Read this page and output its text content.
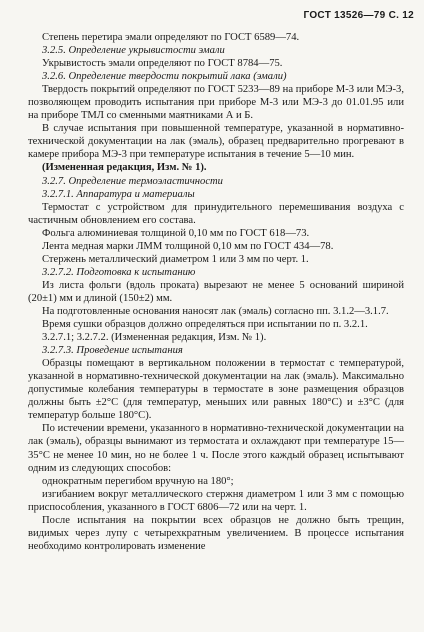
ГОСТ 13526—79 С. 12

Степень перетира эмали определяют по ГОСТ 6589—74.

3.2.5. Определение укрывистости эмали

Укрывистость эмали определяют по ГОСТ 8784—75.

3.2.6. Определение твердости покрытий лака (эмали)

Твердость покрытий определяют по ГОСТ 5233—89 на приборе М-3 или МЭ-3, позволяющем проводить испытания при приборе М-3 или МЭ-3 до 01.01.95 или на приборе ТМЛ со сменными маятниками А и Б.

В случае испытания при повышенной температуре, указанной в нормативно-технической документации на лак (эмаль), образец предварительно прогревают в камере прибора МЭ-3 при температуре испытания в течение 5—10 мин.

(Измененная редакция, Изм. № 1).

3.2.7. Определение термоэластичности

3.2.7.1. Аппаратура и материалы

Термостат с устройством для принудительного перемешивания воздуха с частичным обновлением его состава.

Фольга алюминиевая толщиной 0,10 мм по ГОСТ 618—73.

Лента медная марки ЛММ толщиной 0,10 мм по ГОСТ 434—78.

Стержень металлический диаметром 1 или 3 мм по черт. 1.

3.2.7.2. Подготовка к испытанию

Из листа фольги (вдоль проката) вырезают не менее 5 оснований шириной (20±1) мм и длиной (150±2) мм.

На подготовленные основания наносят лак (эмаль) согласно пп. 3.1.2—3.1.7.

Время сушки образцов должно определяться при испытании по п. 3.2.1.

3.2.7.1; 3.2.7.2. (Измененная редакция, Изм. № 1).

3.2.7.3. Проведение испытания

Образцы помещают в вертикальном положении в термостат с температурой, указанной в нормативно-технической документации на лак (эмаль). Максимально допустимые колебания температуры в термостате в зоне размещения образцов должны быть ±2°С (для температур, меньших или равных 180°С) и ±3°С (для температур больше 180°С).

По истечении времени, указанного в нормативно-технической документации на лак (эмаль), образцы вынимают из термостата и охлаждают при температуре 15—35°С не менее 10 мин, но не более 1 ч. После этого каждый образец испытывают одним из следующих способов:

однократным перегибом вручную на 180°;

изгибанием вокруг металлического стержня диаметром 1 или 3 мм с помощью приспособления, указанного в ГОСТ 6806—72 или на черт. 1.

После испытания на покрытии всех образцов не должно быть трещин, видимых через лупу с четырехкратным увеличением. В процессе испытания необходимо контролировать изменение
